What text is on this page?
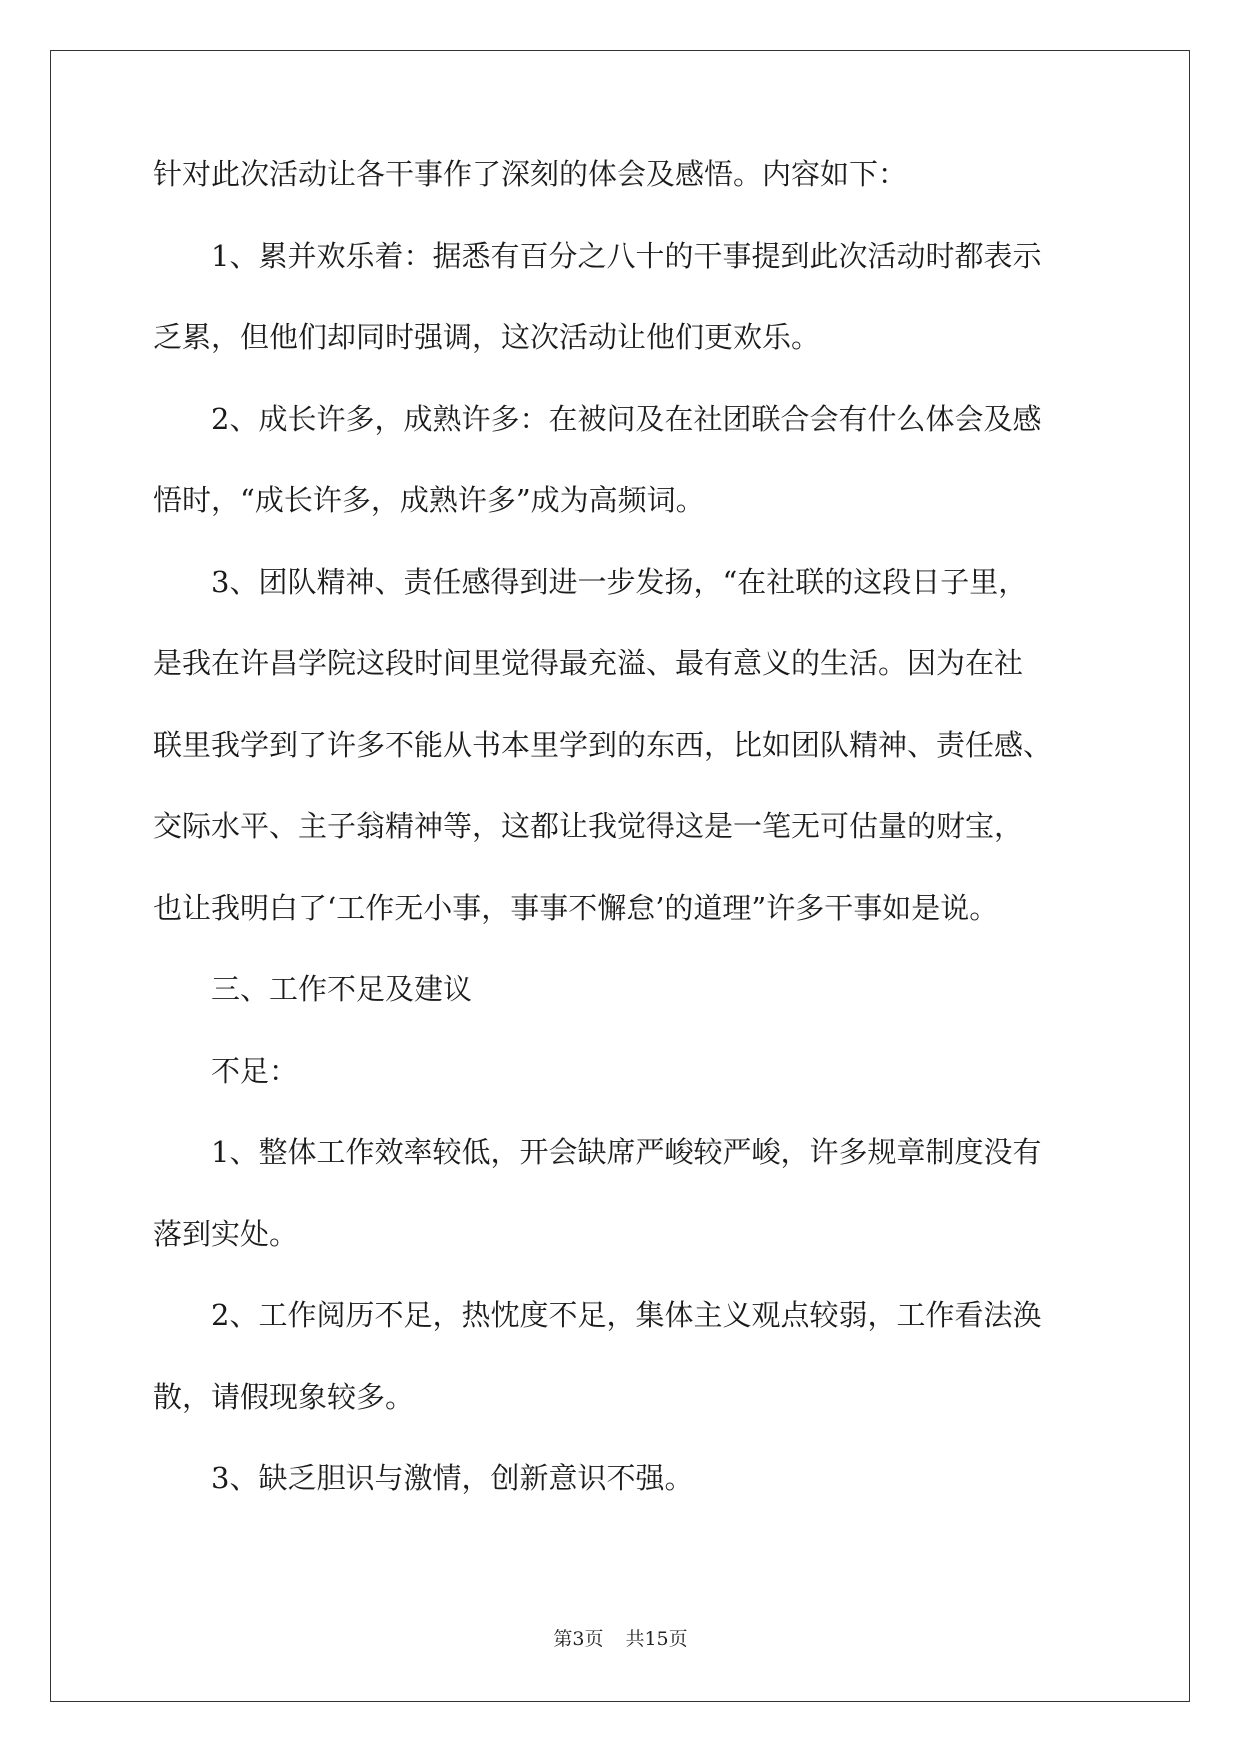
针对此次活动让各干事作了深刻的体会及感悟。内容如下：
1、累并欢乐着：据悉有百分之八十的干事提到此次活动时都表示
乏累，但他们却同时强调，这次活动让他们更欢乐。
2、成长许多，成熟许多：在被问及在社团联合会有什么体会及感
悟时，“成长许多，成熟许多”成为高频词。
3、团队精神、责任感得到进一步发扬，“在社联的这段日子里，
是我在许昌学院这段时间里觉得最充溢、最有意义的生活。因为在社
联里我学到了许多不能从书本里学到的东西，比如团队精神、责任感、
交际水平、主子翁精神等，这都让我觉得这是一笔无可估量的财宝，
也让我明白了‘工作无小事，事事不懈怠’的道理”许多干事如是说。
三、工作不足及建议
不足：
1、整体工作效率较低，开会缺席严峻较严峻，许多规章制度没有
落到实处。
2、工作阅历不足，热忱度不足，集体主义观点较弱，工作看法涣
散，请假现象较多。
3、缺乏胆识与激情，创新意识不强。
第3页 共15页
